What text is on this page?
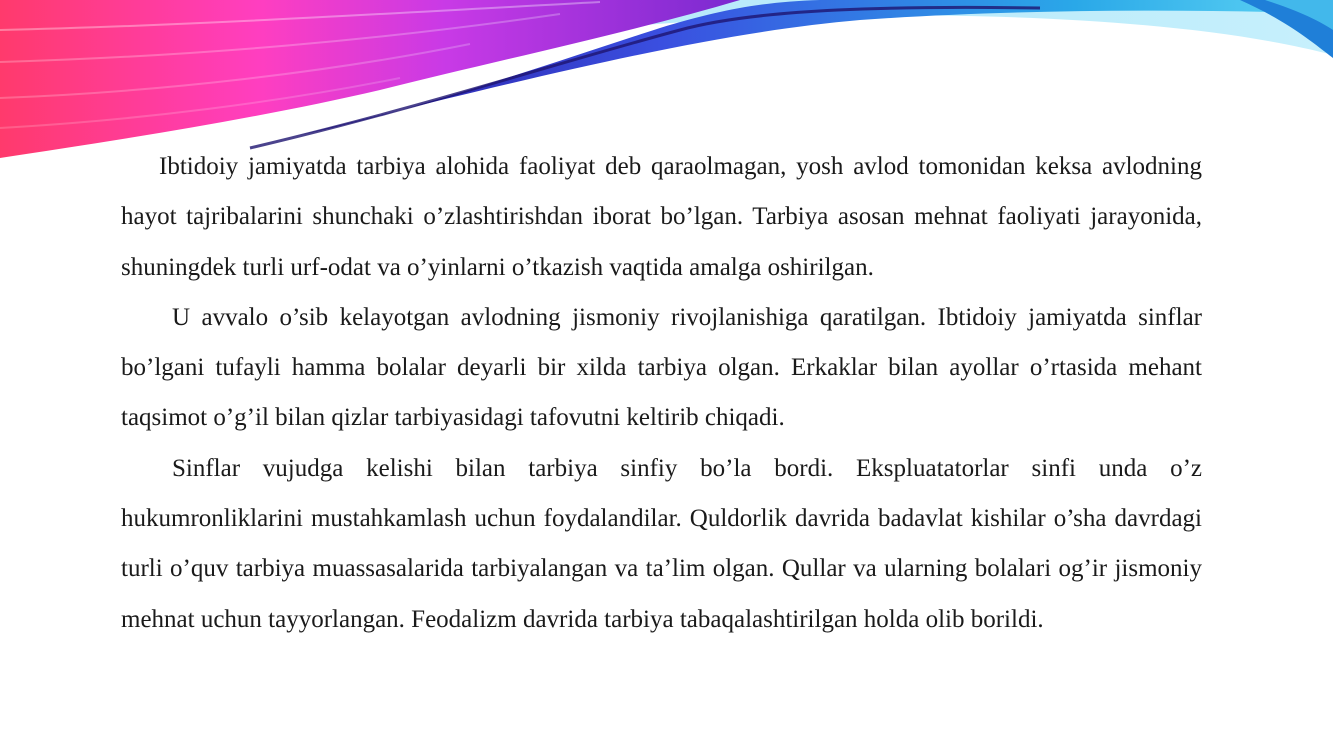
Ibtidoiy jamiyatda tarbiya alohida faoliyat deb qaraolmagan, yosh avlod tomonidan keksa avlodning hayot tajribalarini shunchaki o’zlashtirishdan iborat bo’lgan. Tarbiya asosan mehnat faoliyati jarayonida, shuningdek turli urf-odat va o’yinlarni o’tkazish vaqtida amalga oshirilgan.

U avvalo o’sib kelayotgan avlodning jismoniy rivojlanishiga qaratilgan. Ibtidoiy jamiyatda sinflar bo’lgani tufayli hamma bolalar deyarli bir xilda tarbiya olgan. Erkaklar bilan ayollar o’rtasida mehant taqsimot o’g’il bilan qizlar tarbiyasidagi tafovutni keltirib chiqadi.

Sinflar vujudga kelishi bilan tarbiya sinfiy bo’la bordi. Ekspluatatorlar sinfi unda o’z hukumronliklarini mustahkamlash uchun foydalandilar. Quldorlik davrida badavlat kishilar o’sha davrdagi turli o’quv tarbiya muassasalarida tarbiyalangan va ta’lim olgan. Qullar va ularning bolalari og’ir jismoniy mehnat uchun tayyorlangan. Feodalizm davrida tarbiya tabaqalashtirilgan holda olib borildi.
